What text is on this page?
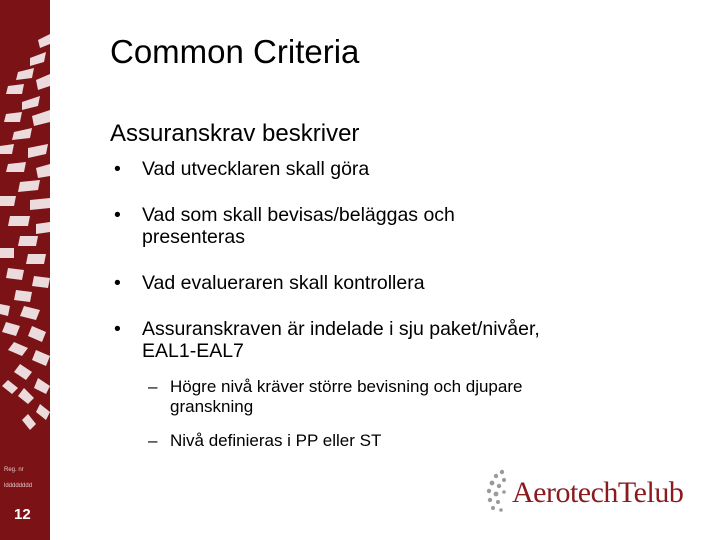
Reg. nr
ldddddddd
12
Common Criteria
Assuranskrav beskriver
• Vad utvecklaren skall göra
• Vad som skall bevisas/beläggas och presenteras
• Vad evalueraren skall kontrollera
• Assuranskraven är indelade i sju paket/nivåer, EAL1-EAL7
– Högre nivå kräver större bevisning och djupare granskning
– Nivå definieras i PP eller ST
AerotechTelub
